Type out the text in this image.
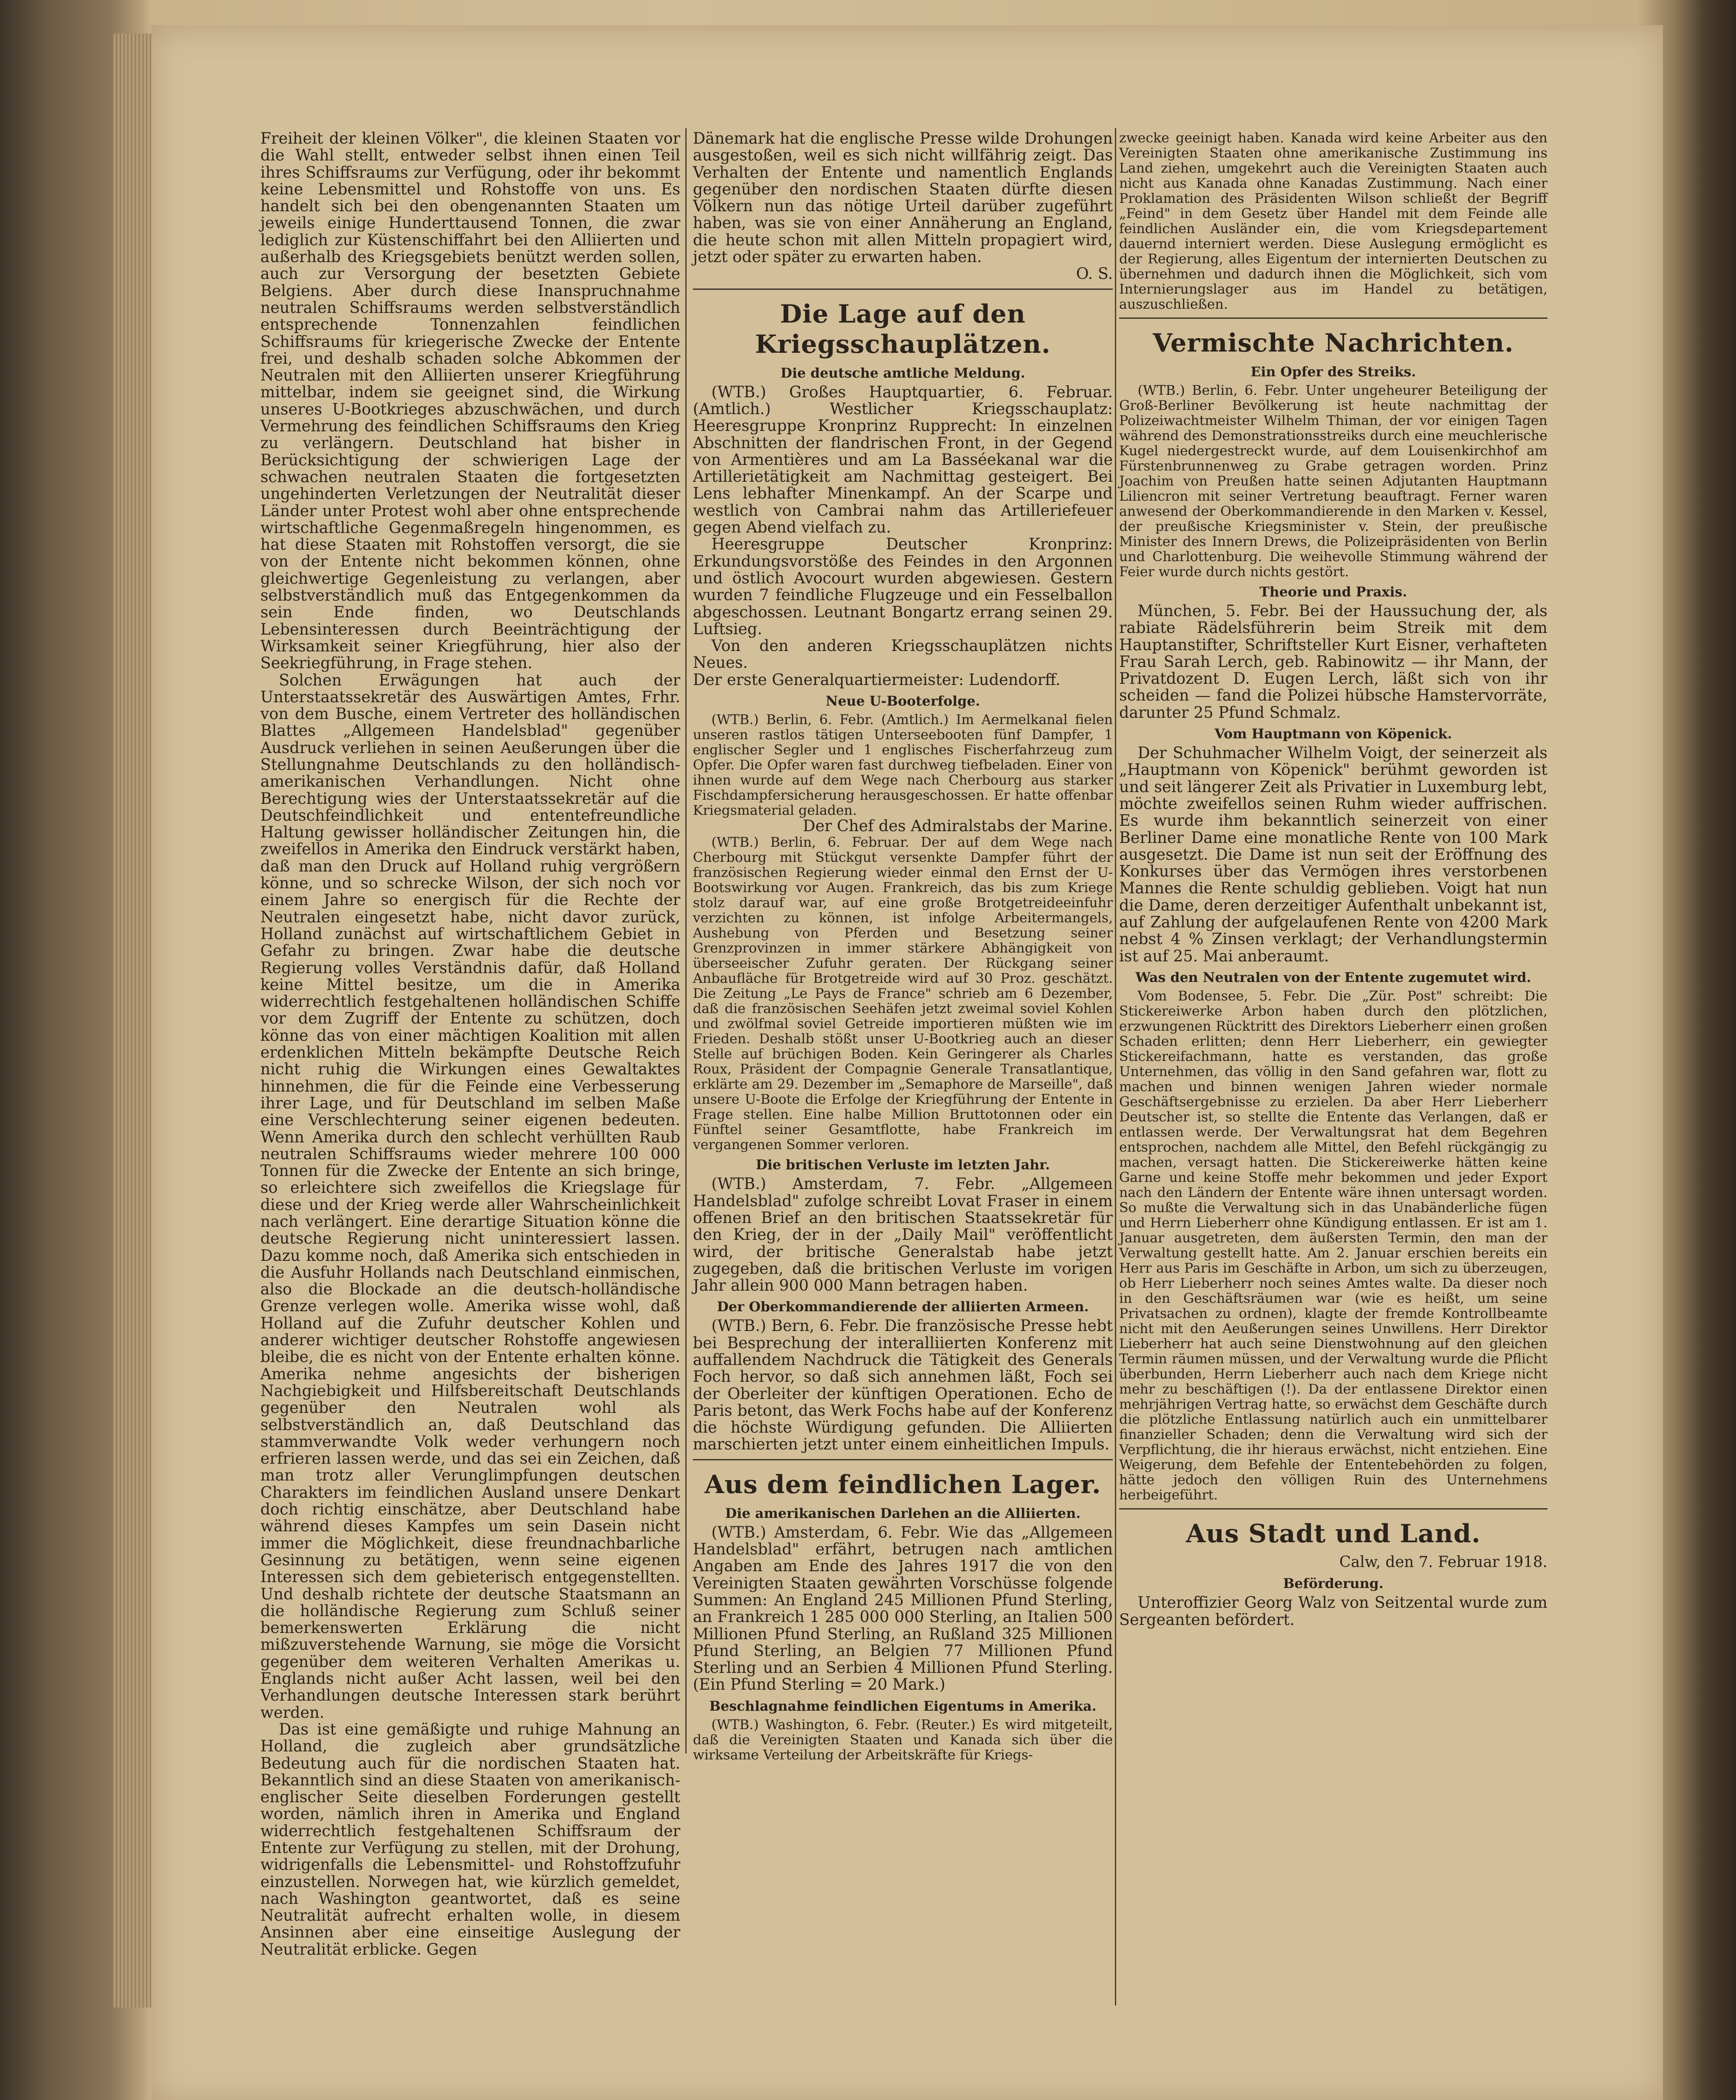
Freiheit der kleinen Völker", die kleinen Staaten vor die Wahl stellt, entweder selbst ihnen einen Teil ihres Schiffsraums zur Verfügung, oder ihr bekommt keine Lebensmittel und Rohstoffe von uns. Es handelt sich bei den obengenannten Staaten um jeweils einige Hunderttausend Tonnen, die zwar lediglich zur Küstenschiffahrt bei den Alliierten und außerhalb des Kriegsgebiets benützt werden sollen, auch zur Versorgung der besetzten Gebiete Belgiens. Aber durch diese Inanspruchnahme neutralen Schiffsraums werden selbstverständlich entsprechende Tonnenzahlen feindlichen Schiffsraums für kriegerische Zwecke der Entente frei, und deshalb schaden solche Abkommen der Neutralen mit den Alliierten unserer Kriegführung mittelbar, indem sie geeignet sind, die Wirkung unseres U-Bootkrieges abzuschwächen, und durch Vermehrung des feindlichen Schiffsraums den Krieg zu verlängern. Deutschland hat bisher in Berücksichtigung der schwierigen Lage der schwachen neutralen Staaten die fortgesetzten ungehinderten Verletzungen der Neutralität dieser Länder unter Protest wohl aber ohne entsprechende wirtschaftliche Gegenmaßregeln hingenommen, es hat diese Staaten mit Rohstoffen versorgt, die sie von der Entente nicht bekommen können, ohne gleichwertige Gegenleistung zu verlangen, aber selbstverständlich muß das Entgegenkommen da sein Ende finden, wo Deutschlands Lebensinteressen durch Beeinträchtigung der Wirksamkeit seiner Kriegführung, hier also der Seekriegführung, in Frage stehen.

Solchen Erwägungen hat auch der Unterstaatssekretär des Auswärtigen Amtes, Frhr. von dem Busche, einem Vertreter des holländischen Blattes „Allgemeen Handelsblad" gegenüber Ausdruck verliehen in seinen Aeußerungen über die Stellungnahme Deutschlands zu den holländisch-amerikanischen Verhandlungen. Nicht ohne Berechtigung wies der Unterstaatssekretär auf die Deutschfeindlichkeit und ententefreundliche Haltung gewisser holländischer Zeitungen hin, die zweifellos in Amerika den Eindruck verstärkt haben, daß man den Druck auf Holland ruhig vergrößern könne, und so schrecke Wilson, der sich noch vor einem Jahre so energisch für die Rechte der Neutralen eingesetzt habe, nicht davor zurück, Holland zunächst auf wirtschaftlichem Gebiet in Gefahr zu bringen. Zwar habe die deutsche Regierung volles Verständnis dafür, daß Holland keine Mittel besitze, um die in Amerika widerrechtlich festgehaltenen holländischen Schiffe vor dem Zugriff der Entente zu schützen, doch könne das von einer mächtigen Koalition mit allen erdenklichen Mitteln bekämpfte Deutsche Reich nicht ruhig die Wirkungen eines Gewaltaktes hinnehmen, die für die Feinde eine Verbesserung ihrer Lage, und für Deutschland im selben Maße eine Verschlechterung seiner eigenen bedeuten. Wenn Amerika durch den schlecht verhüllten Raub neutralen Schiffsraums wieder mehrere 100 000 Tonnen für die Zwecke der Entente an sich bringe, so erleichtere sich zweifellos die Kriegslage für diese und der Krieg werde aller Wahrscheinlichkeit nach verlängert. Eine derartige Situation könne die deutsche Regierung nicht uninteressiert lassen. Dazu komme noch, daß Amerika sich entschieden in die Ausfuhr Hollands nach Deutschland einmischen, also die Blockade an die deutsch-holländische Grenze verlegen wolle. Amerika wisse wohl, daß Holland auf die Zufuhr deutscher Kohlen und anderer wichtiger deutscher Rohstoffe angewiesen bleibe, die es nicht von der Entente erhalten könne. Amerika nehme angesichts der bisherigen Nachgiebigkeit und Hilfsbereitschaft Deutschlands gegenüber den Neutralen wohl als selbstverständlich an, daß Deutschland das stammverwandte Volk weder verhungern noch erfrieren lassen werde, und das sei ein Zeichen, daß man trotz aller Verunglimpfungen deutschen Charakters im feindlichen Ausland unsere Denkart doch richtig einschätze, aber Deutschland habe während dieses Kampfes um sein Dasein nicht immer die Möglichkeit, diese freundnachbarliche Gesinnung zu betätigen, wenn seine eigenen Interessen sich dem gebieterisch entgegenstellten. Und deshalb richtete der deutsche Staatsmann an die holländische Regierung zum Schluß seiner bemerkenswerten Erklärung die nicht mißzuverstehende Warnung, sie möge die Vorsicht gegenüber dem weiteren Verhalten Amerikas u. Englands nicht außer Acht lassen, weil bei den Verhandlungen deutsche Interessen stark berührt werden.

Das ist eine gemäßigte und ruhige Mahnung an Holland, die zugleich aber grundsätzliche Bedeutung auch für die nordischen Staaten hat. Bekanntlich sind an diese Staaten von amerikanisch-englischer Seite dieselben Forderungen gestellt worden, nämlich ihren in Amerika und England widerrechtlich festgehaltenen Schiffsraum der Entente zur Verfügung zu stellen, mit der Drohung, widrigenfalls die Lebensmittel- und Rohstoffzufuhr einzustellen. Norwegen hat, wie kürzlich gemeldet, nach Washington geantwortet, daß es seine Neutralität aufrecht erhalten wolle, in diesem Ansinnen aber eine einseitige Auslegung der Neutralität erblicke. Gegen

Dänemark hat die englische Presse wilde Drohungen ausgestoßen, weil es sich nicht willfährig zeigt. Das Verhalten der Entente und namentlich Englands gegenüber den nordischen Staaten dürfte diesen Völkern nun das nötige Urteil darüber zugeführt haben, was sie von einer Annäherung an England, die heute schon mit allen Mitteln propagiert wird, jetzt oder später zu erwarten haben.

O. S.
Die Lage auf den Kriegsschauplätzen.
Die deutsche amtliche Meldung.

(WTB.) Großes Hauptquartier, 6. Februar. (Amtlich.) Westlicher Kriegsschauplatz: Heeresgruppe Kronprinz Rupprecht: In einzelnen Abschnitten der flandrischen Front, in der Gegend von Armentières und am La Basséekanal war die Artillerietätigkeit am Nachmittag gesteigert. Bei Lens lebhafter Minenkampf. An der Scarpe und westlich von Cambrai nahm das Artilleriefeuer gegen Abend vielfach zu.

Heeresgruppe Deutscher Kronprinz: Erkundungsvorstöße des Feindes in den Argonnen und östlich Avocourt wurden abgewiesen. Gestern wurden 7 feindliche Flugzeuge und ein Fesselballon abgeschossen. Leutnant Bongartz errang seinen 29. Luftsieg.

Von den anderen Kriegsschauplätzen nichts Neues.

Der erste Generalquartiermeister: Ludendorff.

Neue U-Booterfolge.

(WTB.) Berlin, 6. Febr. (Amtlich.) Im Aermelkanal fielen unseren rastlos tätigen Unterseebooten fünf Dampfer, 1 englischer Segler und 1 englisches Fischerfahrzeug zum Opfer. Die Opfer waren fast durchweg tiefbeladen. Einer von ihnen wurde auf dem Wege nach Cherbourg aus starker Fischdampfersicherung herausgeschossen. Er hatte offenbar Kriegsmaterial geladen.

Der Chef des Admiralstabs der Marine.

(WTB.) Berlin, 6. Februar. Der auf dem Wege nach Cherbourg mit Stückgut versenkte Dampfer führt der französischen Regierung wieder einmal den Ernst der U-Bootswirkung vor Augen. Frankreich, das bis zum Kriege stolz darauf war, auf eine große Brotgetreideeinfuhr verzichten zu können, ist infolge Arbeitermangels, Aushebung von Pferden und Besetzung seiner Grenzprovinzen in immer stärkere Abhängigkeit von überseeischer Zufuhr geraten. Der Rückgang seiner Anbaufläche für Brotgetreide wird auf 30 Proz. geschätzt. Die Zeitung „Le Pays de France" schrieb am 6 Dezember, daß die französischen Seehäfen jetzt zweimal soviel Kohlen und zwölfmal soviel Getreide importieren müßten wie im Frieden. Deshalb stößt unser U-Bootkrieg auch an dieser Stelle auf brüchigen Boden. Kein Geringerer als Charles Roux, Präsident der Compagnie Generale Transatlantique, erklärte am 29. Dezember im „Semaphore de Marseille", daß unsere U-Boote die Erfolge der Kriegführung der Entente in Frage stellen. Eine halbe Million Bruttotonnen oder ein Fünftel seiner Gesamtflotte, habe Frankreich im vergangenen Sommer verloren.

Die britischen Verluste im letzten Jahr.

(WTB.) Amsterdam, 7. Febr. „Allgemeen Handelsblad" zufolge schreibt Lovat Fraser in einem offenen Brief an den britischen Staatssekretär für den Krieg, der in der „Daily Mail" veröffentlicht wird, der britische Generalstab habe jetzt zugegeben, daß die britischen Verluste im vorigen Jahr allein 900 000 Mann betragen haben.

Der Oberkommandierende der alliierten Armeen.

(WTB.) Bern, 6. Febr. Die französische Presse hebt bei Besprechung der interalliierten Konferenz mit auffallendem Nachdruck die Tätigkeit des Generals Foch hervor, so daß sich annehmen läßt, Foch sei der Oberleiter der künftigen Operationen. Echo de Paris betont, das Werk Fochs habe auf der Konferenz die höchste Würdigung gefunden. Die Alliierten marschierten jetzt unter einem einheitlichen Impuls.

Aus dem feindlichen Lager.
Die amerikanischen Darlehen an die Alliierten.

(WTB.) Amsterdam, 6. Febr. Wie das „Allgemeen Handelsblad" erfährt, betrugen nach amtlichen Angaben am Ende des Jahres 1917 die von den Vereinigten Staaten gewährten Vorschüsse folgende Summen: An England 245 Millionen Pfund Sterling, an Frankreich 1 285 000 000 Sterling, an Italien 500 Millionen Pfund Sterling, an Rußland 325 Millionen Pfund Sterling, an Belgien 77 Millionen Pfund Sterling und an Serbien 4 Millionen Pfund Sterling. (Ein Pfund Sterling = 20 Mark.)

Beschlagnahme feindlichen Eigentums in Amerika.

(WTB.) Washington, 6. Febr. (Reuter.) Es wird mitgeteilt, daß die Vereinigten Staaten und Kanada sich über die wirksame Verteilung der Arbeitskräfte für Kriegs-

zwecke geeinigt haben. Kanada wird keine Arbeiter aus den Vereinigten Staaten ohne amerikanische Zustimmung ins Land ziehen, umgekehrt auch die Vereinigten Staaten auch nicht aus Kanada ohne Kanadas Zustimmung. Nach einer Proklamation des Präsidenten Wilson schließt der Begriff „Feind" in dem Gesetz über Handel mit dem Feinde alle feindlichen Ausländer ein, die vom Kriegsdepartement dauernd interniert werden. Diese Auslegung ermöglicht es der Regierung, alles Eigentum der internierten Deutschen zu übernehmen und dadurch ihnen die Möglichkeit, sich vom Internierungslager aus im Handel zu betätigen, auszuschließen.

Vermischte Nachrichten.
Ein Opfer des Streiks.

(WTB.) Berlin, 6. Febr. Unter ungeheurer Beteiligung der Groß-Berliner Bevölkerung ist heute nachmittag der Polizeiwachtmeister Wilhelm Thiman, der vor einigen Tagen während des Demonstrationsstreiks durch eine meuchlerische Kugel niedergestreckt wurde, auf dem Louisenkirchhof am Fürstenbrunnenweg zu Grabe getragen worden. Prinz Joachim von Preußen hatte seinen Adjutanten Hauptmann Liliencron mit seiner Vertretung beauftragt. Ferner waren anwesend der Oberkommandierende in den Marken v. Kessel, der preußische Kriegsminister v. Stein, der preußische Minister des Innern Drews, die Polizeipräsidenten von Berlin und Charlottenburg. Die weihevolle Stimmung während der Feier wurde durch nichts gestört.

Theorie und Praxis.

München, 5. Febr. Bei der Haussuchung der, als rabiate Rädelsführerin beim Streik mit dem Hauptanstifter, Schriftsteller Kurt Eisner, verhafteten Frau Sarah Lerch, geb. Rabinowitz — ihr Mann, der Privatdozent D. Eugen Lerch, läßt sich von ihr scheiden — fand die Polizei hübsche Hamstervorräte, darunter 25 Pfund Schmalz.

Vom Hauptmann von Köpenick.

Der Schuhmacher Wilhelm Voigt, der seinerzeit als „Hauptmann von Köpenick" berühmt geworden ist und seit längerer Zeit als Privatier in Luxemburg lebt, möchte zweifellos seinen Ruhm wieder auffrischen. Es wurde ihm bekanntlich seinerzeit von einer Berliner Dame eine monatliche Rente von 100 Mark ausgesetzt. Die Dame ist nun seit der Eröffnung des Konkurses über das Vermögen ihres verstorbenen Mannes die Rente schuldig geblieben. Voigt hat nun die Dame, deren derzeitiger Aufenthalt unbekannt ist, auf Zahlung der aufgelaufenen Rente von 4200 Mark nebst 4 % Zinsen verklagt; der Verhandlungstermin ist auf 25. Mai anberaumt.

Was den Neutralen von der Entente zugemutet wird.

Vom Bodensee, 5. Febr. Die „Zür. Post" schreibt: Die Stickereiwerke Arbon haben durch den plötzlichen, erzwungenen Rücktritt des Direktors Lieberherr einen großen Schaden erlitten; denn Herr Lieberherr, ein gewiegter Stickereifachmann, hatte es verstanden, das große Unternehmen, das völlig in den Sand gefahren war, flott zu machen und binnen wenigen Jahren wieder normale Geschäftsergebnisse zu erzielen. Da aber Herr Lieberherr Deutscher ist, so stellte die Entente das Verlangen, daß er entlassen werde. Der Verwaltungsrat hat dem Begehren entsprochen, nachdem alle Mittel, den Befehl rückgängig zu machen, versagt hatten. Die Stickereiwerke hätten keine Garne und keine Stoffe mehr bekommen und jeder Export nach den Ländern der Entente wäre ihnen untersagt worden. So mußte die Verwaltung sich in das Unabänderliche fügen und Herrn Lieberherr ohne Kündigung entlassen. Er ist am 1. Januar ausgetreten, dem äußersten Termin, den man der Verwaltung gestellt hatte. Am 2. Januar erschien bereits ein Herr aus Paris im Geschäfte in Arbon, um sich zu überzeugen, ob Herr Lieberherr noch seines Amtes walte. Da dieser noch in den Geschäftsräumen war (wie es heißt, um seine Privatsachen zu ordnen), klagte der fremde Kontrollbeamte nicht mit den Aeußerungen seines Unwillens. Herr Direktor Lieberherr hat auch seine Dienstwohnung auf den gleichen Termin räumen müssen, und der Verwaltung wurde die Pflicht überbunden, Herrn Lieberherr auch nach dem Kriege nicht mehr zu beschäftigen (!). Da der entlassene Direktor einen mehrjährigen Vertrag hatte, so erwächst dem Geschäfte durch die plötzliche Entlassung natürlich auch ein unmittelbarer finanzieller Schaden; denn die Verwaltung wird sich der Verpflichtung, die ihr hieraus erwächst, nicht entziehen. Eine Weigerung, dem Befehle der Ententebehörden zu folgen, hätte jedoch den völligen Ruin des Unternehmens herbeigeführt.

Aus Stadt und Land.
Calw, den 7. Februar 1918.
Beförderung.

Unteroffizier Georg Walz von Seitzental wurde zum Sergeanten befördert.
